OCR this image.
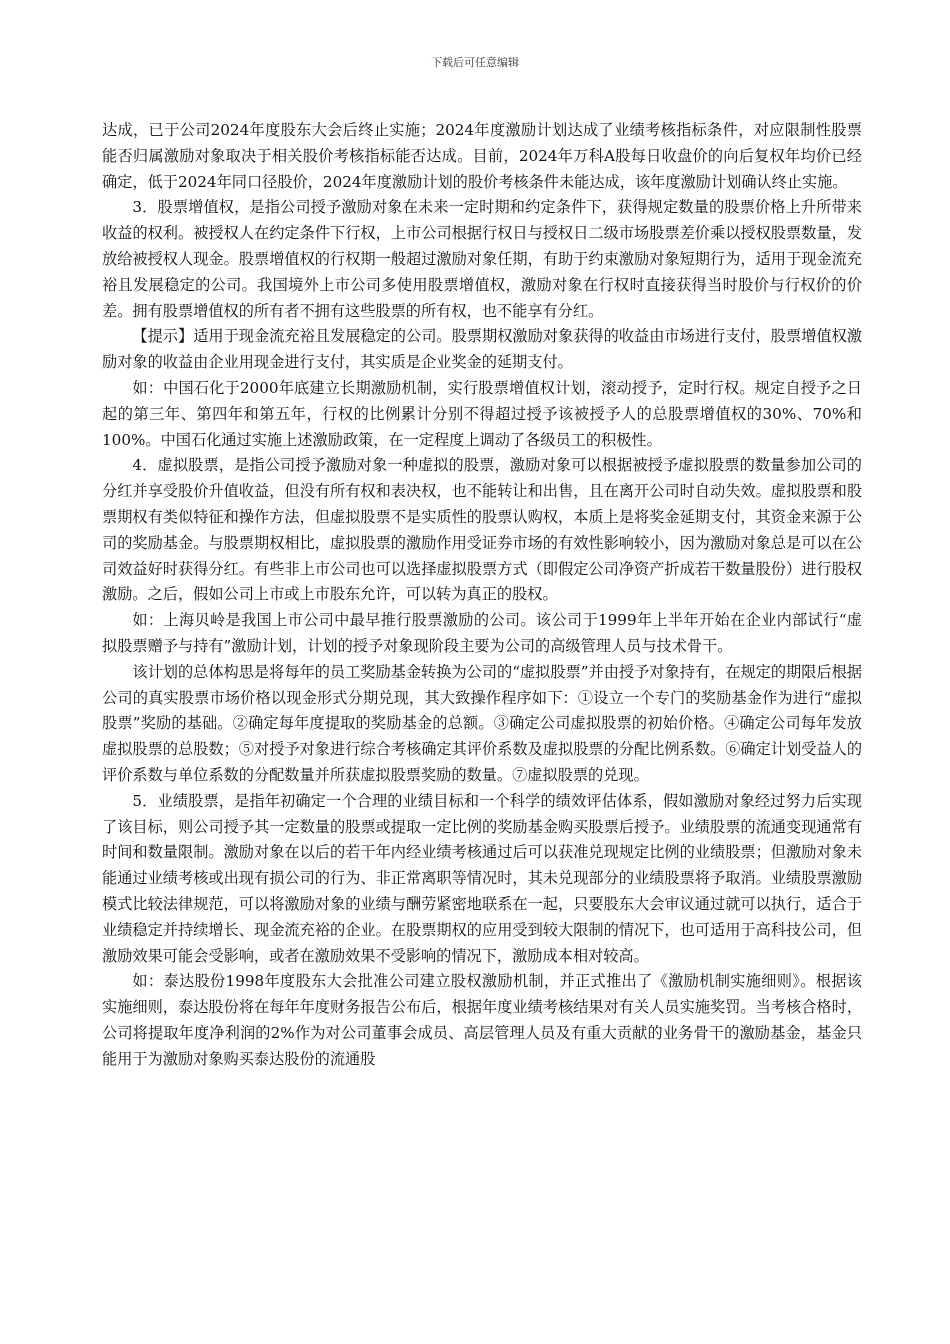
下载后可任意编辑

达成，已于公司2024年度股东大会后终止实施；2024年度激励计划达成了业绩考核指标条件，对应限制性股票能否归属激励对象取决于相关股价考核指标能否达成。目前，2024年万科A股每日收盘价的向后复权年均价已经确定，低于2024年同口径股价，2024年度激励计划的股价考核条件未能达成，该年度激励计划确认终止实施。

3．股票增值权，是指公司授予激励对象在未来一定时期和约定条件下，获得规定数量的股票价格上升所带来收益的权利。被授权人在约定条件下行权，上市公司根据行权日与授权日二级市场股票差价乘以授权股票数量，发放给被授权人现金。股票增值权的行权期一般超过激励对象任期，有助于约束激励对象短期行为，适用于现金流充裕且发展稳定的公司。我国境外上市公司多使用股票增值权，激励对象在行权时直接获得当时股价与行权价的价差。拥有股票增值权的所有者不拥有这些股票的所有权，也不能享有分红。

【提示】适用于现金流充裕且发展稳定的公司。股票期权激励对象获得的收益由市场进行支付，股票增值权激励对象的收益由企业用现金进行支付，其实质是企业奖金的延期支付。

如：中国石化于2000年底建立长期激励机制，实行股票增值权计划，滚动授予，定时行权。规定自授予之日起的第三年、第四年和第五年，行权的比例累计分别不得超过授予该被授予人的总股票增值权的30%、70%和100%。中国石化通过实施上述激励政策，在一定程度上调动了各级员工的积极性。

4．虚拟股票，是指公司授予激励对象一种虚拟的股票，激励对象可以根据被授予虚拟股票的数量参加公司的分红并享受股价升值收益，但没有所有权和表决权，也不能转让和出售，且在离开公司时自动失效。虚拟股票和股票期权有类似特征和操作方法，但虚拟股票不是实质性的股票认购权，本质上是将奖金延期支付，其资金来源于公司的奖励基金。与股票期权相比，虚拟股票的激励作用受证券市场的有效性影响较小，因为激励对象总是可以在公司效益好时获得分红。有些非上市公司也可以选择虚拟股票方式（即假定公司净资产折成若干数量股份）进行股权激励。之后，假如公司上市或上市股东允许，可以转为真正的股权。

如：上海贝岭是我国上市公司中最早推行股票激励的公司。该公司于1999年上半年开始在企业内部试行“虚拟股票赠予与持有”激励计划，计划的授予对象现阶段主要为公司的高级管理人员与技术骨干。

该计划的总体构思是将每年的员工奖励基金转换为公司的“虚拟股票”并由授予对象持有，在规定的期限后根据公司的真实股票市场价格以现金形式分期兑现，其大致操作程序如下：①设立一个专门的奖励基金作为进行“虚拟股票”奖励的基础。②确定每年度提取的奖励基金的总额。③确定公司虚拟股票的初始价格。④确定公司每年发放虚拟股票的总股数；⑤对授予对象进行综合考核确定其评价系数及虚拟股票的分配比例系数。⑥确定计划受益人的评价系数与单位系数的分配数量并所获虚拟股票奖励的数量。⑦虚拟股票的兑现。

5．业绩股票，是指年初确定一个合理的业绩目标和一个科学的绩效评估体系，假如激励对象经过努力后实现了该目标，则公司授予其一定数量的股票或提取一定比例的奖励基金购买股票后授予。业绩股票的流通变现通常有时间和数量限制。激励对象在以后的若干年内经业绩考核通过后可以获准兑现规定比例的业绩股票；但激励对象未能通过业绩考核或出现有损公司的行为、非正常离职等情况时，其未兑现部分的业绩股票将予取消。业绩股票激励模式比较法律规范，可以将激励对象的业绩与酬劳紧密地联系在一起，只要股东大会审议通过就可以执行，适合于业绩稳定并持续增长、现金流充裕的企业。在股票期权的应用受到较大限制的情况下，也可适用于高科技公司，但激励效果可能会受影响，或者在激励效果不受影响的情况下，激励成本相对较高。

如：泰达股份1998年度股东大会批准公司建立股权激励机制，并正式推出了《激励机制实施细则》。根据该实施细则，泰达股份将在每年年度财务报告公布后，根据年度业绩考核结果对有关人员实施奖罚。当考核合格时，公司将提取年度净利润的2%作为对公司董事会成员、高层管理人员及有重大贡献的业务骨干的激励基金，基金只能用于为激励对象购买泰达股份的流通股
